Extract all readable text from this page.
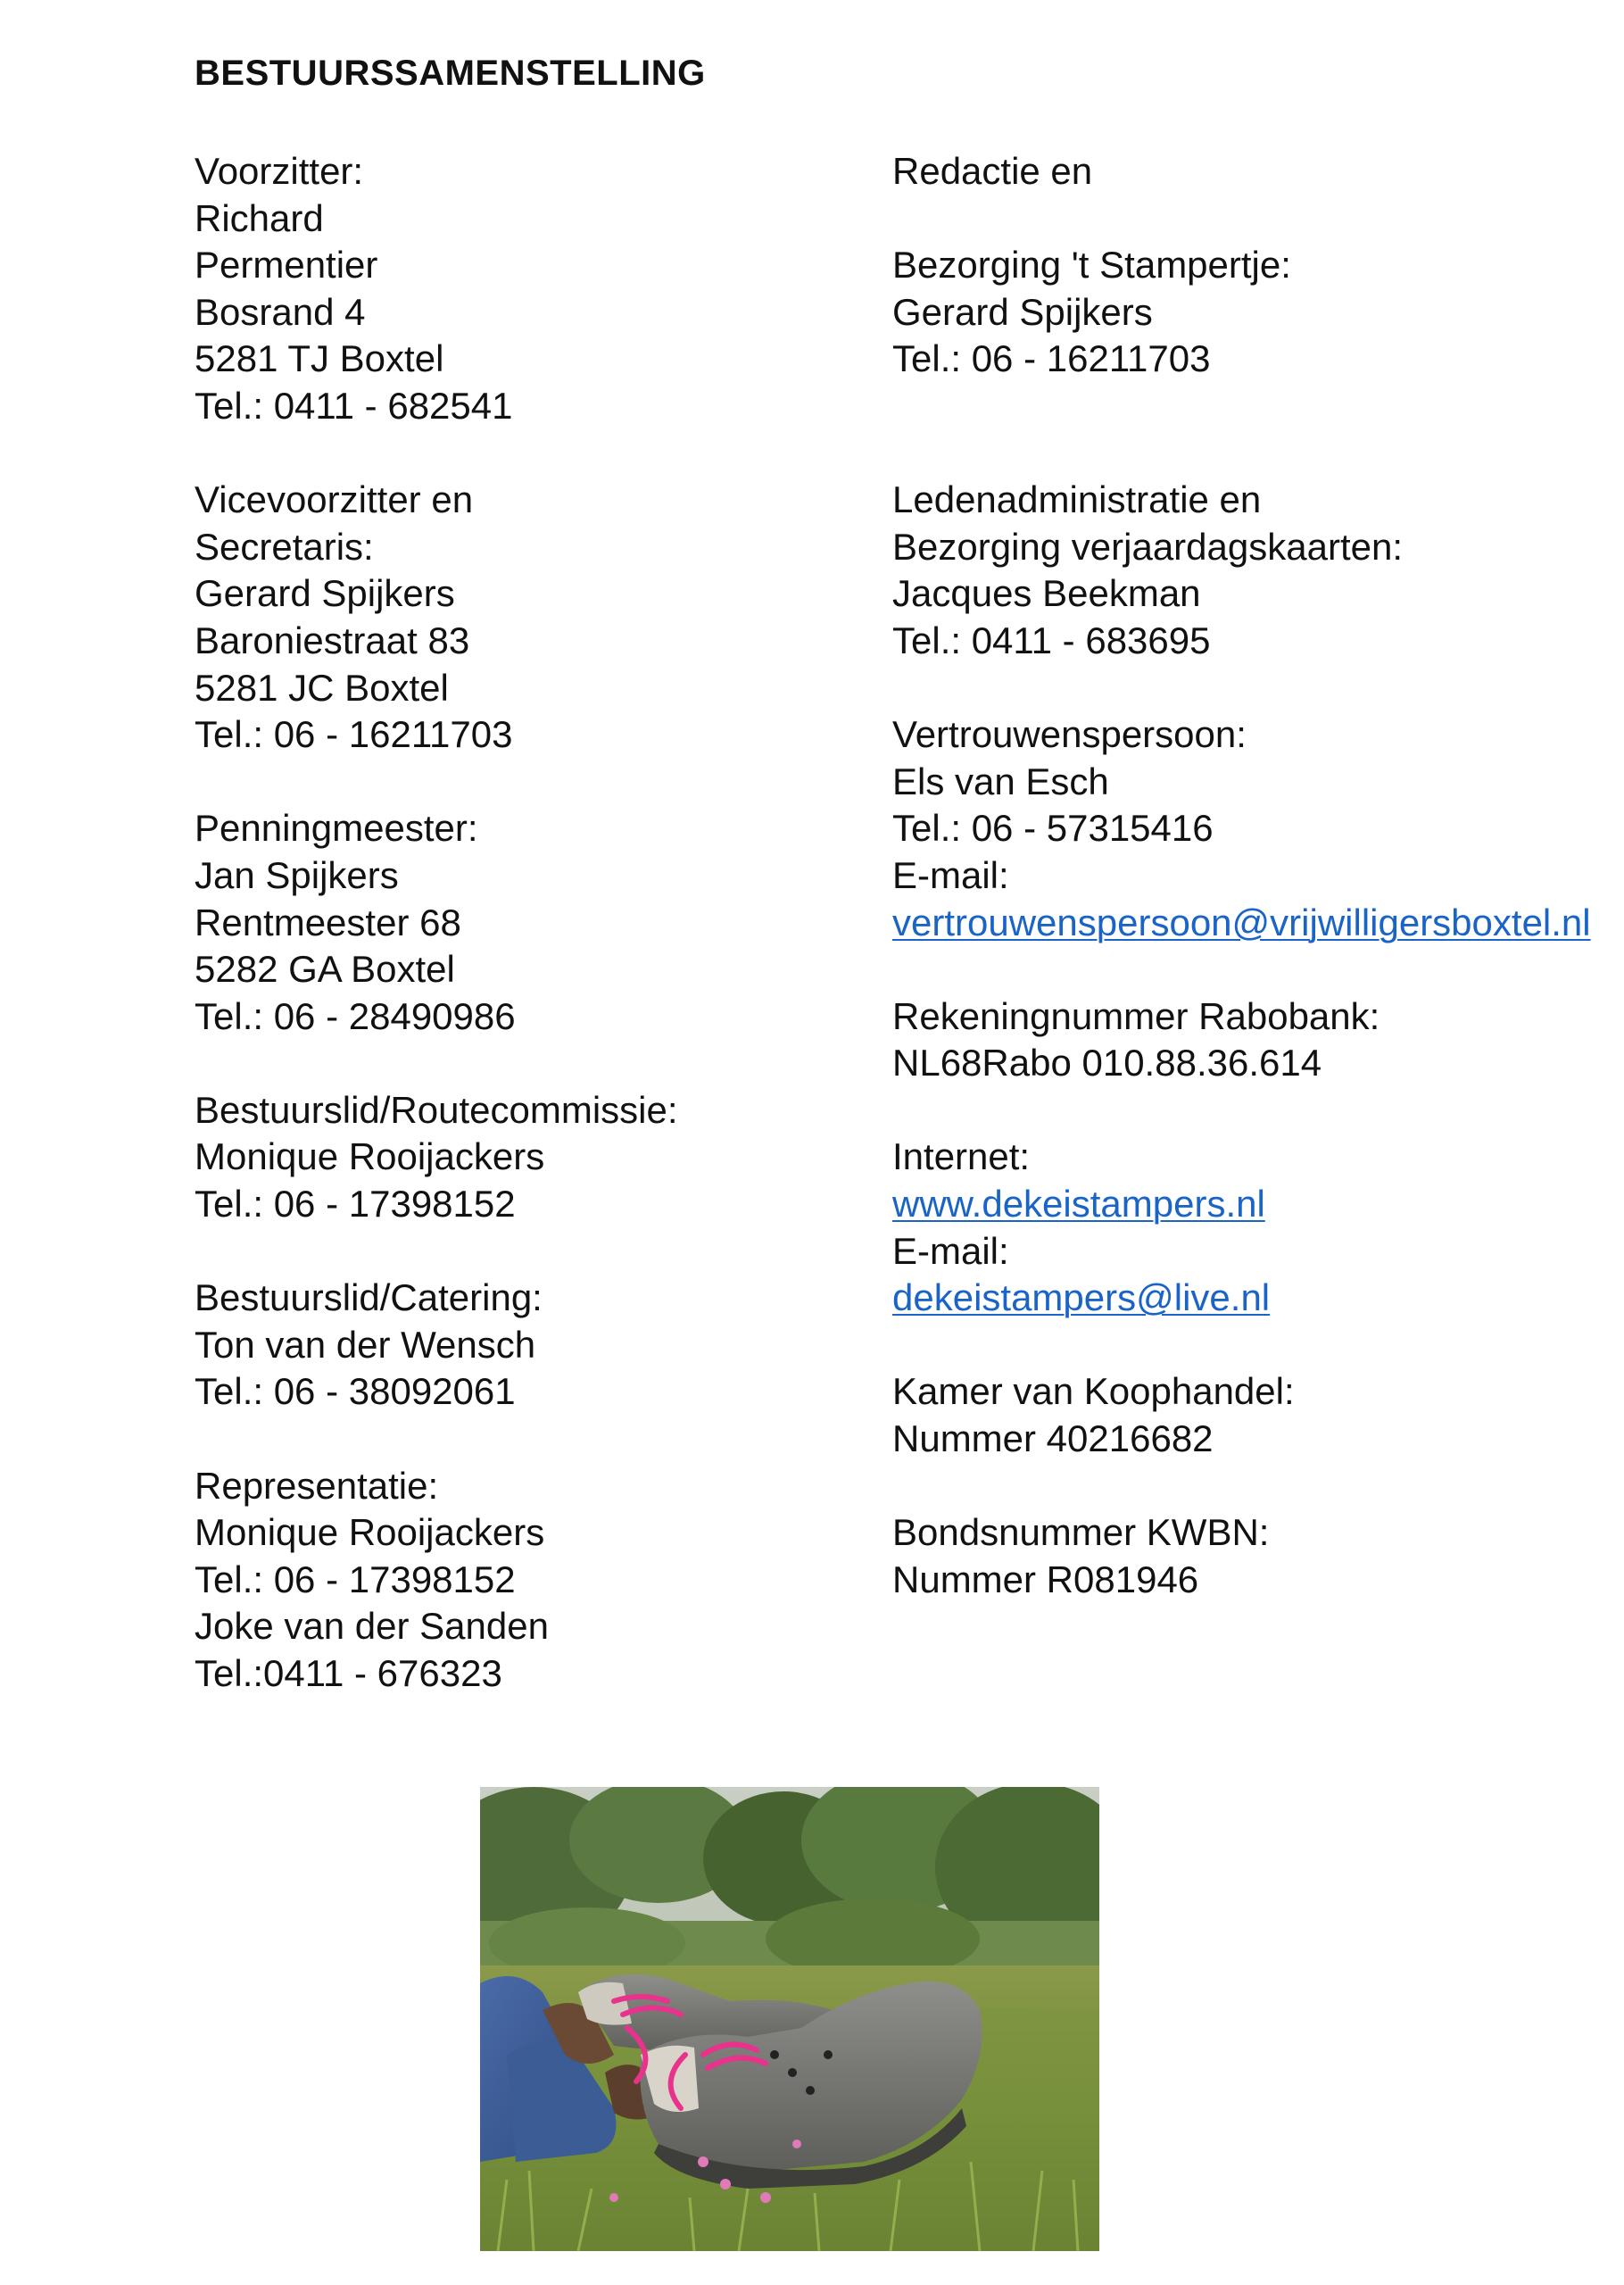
BESTUURSSAMENSTELLING
Voorzitter:
Richard
Permentier
Bosrand 4
5281 TJ Boxtel
Tel.: 0411 - 682541
Vicevoorzitter en
Secretaris:
Gerard Spijkers
Baroniestraat 83
5281 JC Boxtel
Tel.: 06 - 16211703
Penningmeester:
Jan Spijkers
Rentmeester 68
5282 GA Boxtel
Tel.: 06 - 28490986
Bestuurslid/Routecommissie:
Monique Rooijackers
Tel.: 06 - 17398152
Bestuurslid/Catering:
Ton van der Wensch
Tel.: 06 - 38092061
Representatie:
Monique Rooijackers
Tel.: 06 - 17398152
Joke van der Sanden
Tel.:0411 - 676323
Redactie en

Bezorging 't Stampertje:
Gerard Spijkers
Tel.: 06 - 16211703
Ledenadministratie en
Bezorging verjaardagskaarten:
Jacques Beekman
Tel.: 0411 - 683695
Vertrouwenspersoon:
Els van Esch
Tel.: 06 - 57315416
E-mail:
vertrouwenspersoon@vrijwilligersboxtel.nl
Rekeningnummer Rabobank:
NL68Rabo 010.88.36.614
Internet:
www.dekeistampers.nl
E-mail:
dekeistampers@live.nl
Kamer van Koophandel:
Nummer 40216682
Bondsnummer KWBN:
Nummer R081946
